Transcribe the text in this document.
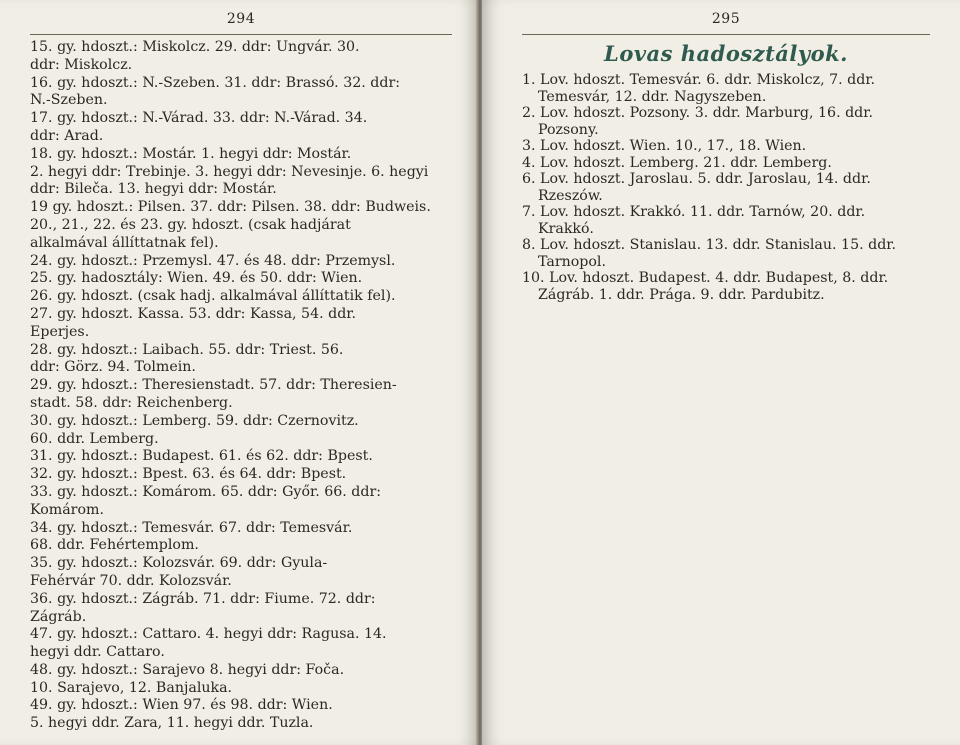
294
15. gy. hdoszt.: Miskolcz. 29. ddr: Ungvár. 30.
ddr: Miskolcz.
16. gy. hdoszt.: N.-Szeben. 31. ddr: Brassó. 32. ddr:
N.-Szeben.
17. gy. hdoszt.: N.-Várad. 33. ddr: N.-Várad. 34.
ddr: Arad.
18. gy. hdoszt.: Mostár. 1. hegyi ddr: Mostár.
2. hegyi ddr: Trebinje. 3. hegyi ddr: Nevesinje. 6. hegyi
ddr: Bileča. 13. hegyi ddr: Mostár.
19 gy. hdoszt.: Pilsen. 37. ddr: Pilsen. 38. ddr: Budweis.
20., 21., 22. és 23. gy. hdoszt. (csak hadjárat
alkalmával állíttatnak fel).
24. gy. hdoszt.: Przemysl. 47. és 48. ddr: Przemysl.
25. gy. hadosztály: Wien. 49. és 50. ddr: Wien.
26. gy. hdoszt. (csak hadj. alkalmával állíttatik fel).
27. gy. hdoszt. Kassa. 53. ddr: Kassa, 54. ddr.
Eperjes.
28. gy. hdoszt.: Laibach. 55. ddr: Triest. 56.
ddr: Görz. 94. Tolmein.
29. gy. hdoszt.: Theresienstadt. 57. ddr: Theresien-
stadt. 58. ddr: Reichenberg.
30. gy. hdoszt.: Lemberg. 59. ddr: Czernovitz.
60. ddr. Lemberg.
31. gy. hdoszt.: Budapest. 61. és 62. ddr: Bpest.
32. gy. hdoszt.: Bpest. 63. és 64. ddr: Bpest.
33. gy. hdoszt.: Komárom. 65. ddr: Győr. 66. ddr:
Komárom.
34. gy. hdoszt.: Temesvár. 67. ddr: Temesvár.
68. ddr. Fehértemplom.
35. gy. hdoszt.: Kolozsvár. 69. ddr: Gyula-
Fehérvár 70. ddr. Kolozsvár.
36. gy. hdoszt.: Zágráb. 71. ddr: Fiume. 72. ddr:
Zágráb.
47. gy. hdoszt.: Cattaro. 4. hegyi ddr: Ragusa. 14.
hegyi ddr. Cattaro.
48. gy. hdoszt.: Sarajevo 8. hegyi ddr: Foča.
10. Sarajevo, 12. Banjaluka.
49. gy. hdoszt.: Wien 97. és 98. ddr: Wien.
5. hegyi ddr. Zara, 11. hegyi ddr. Tuzla.
295
Lovas hadosztályok.
1. Lov. hdoszt. Temesvár. 6. ddr. Miskolcz, 7. ddr.
Temesvár, 12. ddr. Nagyszeben.
2. Lov. hdoszt. Pozsony. 3. ddr. Marburg, 16. ddr.
Pozsony.
3. Lov. hdoszt. Wien. 10., 17., 18. Wien.
4. Lov. hdoszt. Lemberg. 21. ddr. Lemberg.
6. Lov. hdoszt. Jaroslau. 5. ddr. Jaroslau, 14. ddr.
Rzeszów.
7. Lov. hdoszt. Krakkó. 11. ddr. Tarnów, 20. ddr.
Krakkó.
8. Lov. hdoszt. Stanislau. 13. ddr. Stanislau. 15. ddr.
Tarnopol.
10. Lov. hdoszt. Budapest. 4. ddr. Budapest, 8. ddr.
Zágráb. 1. ddr. Prága. 9. ddr. Pardubitz.
